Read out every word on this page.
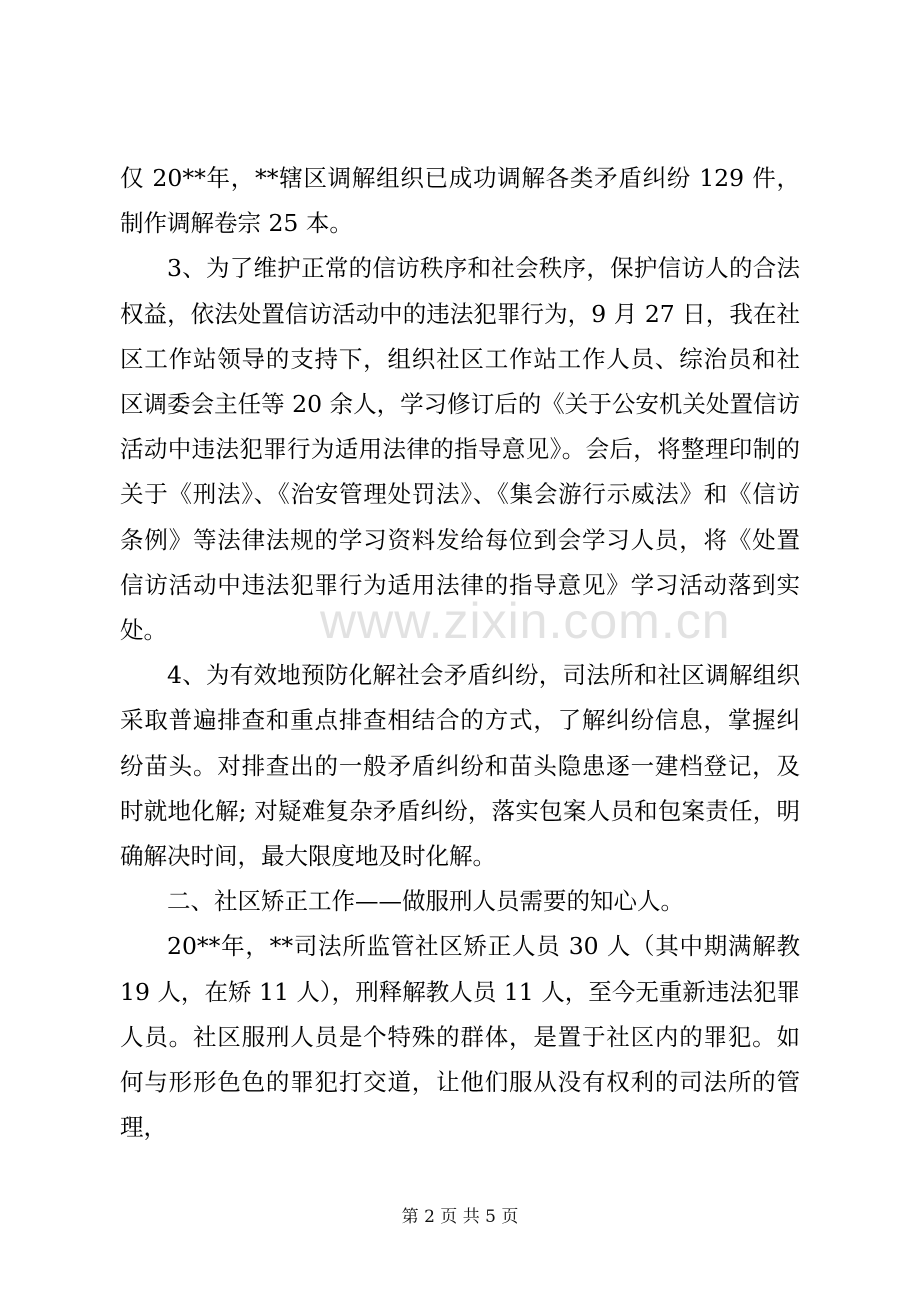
仅 20**年，**辖区调解组织已成功调解各类矛盾纠纷 129 件，制作调解卷宗 25 本。

3、为了维护正常的信访秩序和社会秩序，保护信访人的合法权益，依法处置信访活动中的违法犯罪行为，9 月 27 日，我在社区工作站领导的支持下，组织社区工作站工作人员、综治员和社区调委会主任等 20 余人，学习修订后的《关于公安机关处置信访活动中违法犯罪行为适用法律的指导意见》。会后，将整理印制的关于《刑法》、《治安管理处罚法》、《集会游行示威法》和《信访条例》等法律法规的学习资料发给每位到会学习人员，将《处置信访活动中违法犯罪行为适用法律的指导意见》学习活动落到实处。

4、为有效地预防化解社会矛盾纠纷，司法所和社区调解组织采取普遍排查和重点排查相结合的方式，了解纠纷信息，掌握纠纷苗头。对排查出的一般矛盾纠纷和苗头隐患逐一建档登记，及时就地化解; 对疑难复杂矛盾纠纷，落实包案人员和包案责任，明确解决时间，最大限度地及时化解。

二、社区矫正工作——做服刑人员需要的知心人。

20**年，**司法所监管社区矫正人员 30 人（其中期满解教 19 人，在矫 11 人），刑释解教人员 11 人，至今无重新违法犯罪人员。社区服刑人员是个特殊的群体，是置于社区内的罪犯。如何与形形色色的罪犯打交道，让他们服从没有权利的司法所的管理，

www.zixin.com.cn
第 2 页 共 5 页
